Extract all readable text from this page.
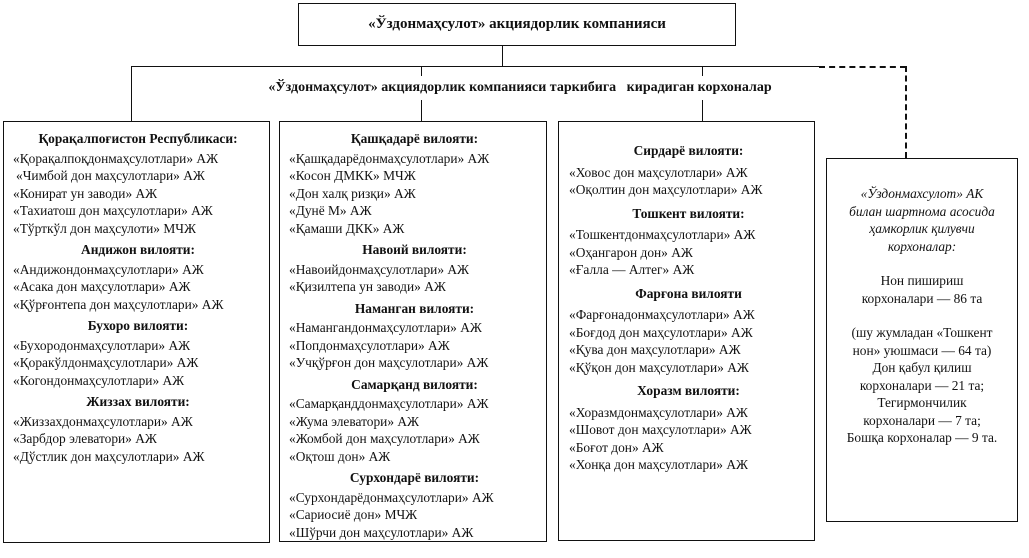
«Ўздонмаҳсулот» акциядорлик компанияси
«Ўздонмаҳсулот» акциядорлик компанияси таркибига   кирадиган корхоналар
Қорақалпоғистон Республикаси:
«Қорақалпоқдонмаҳсулотлари» АЖ
«Чимбой дон маҳсулотлари» АЖ
«Конират ун заводи» АЖ
«Тахиатош дон маҳсулотлари» АЖ
«Тўрткўл дон маҳсулоти» МЧЖ
Андижон вилояти:
«Андижондонмаҳсулотлари» АЖ
«Асака дон маҳсулотлари» АЖ
«Қўрғонтепа дон маҳсулотлари» АЖ
Бухоро вилояти:
«Бухородонмаҳсулотлари» АЖ
«Қоракўлдонмаҳсулотлари» АЖ
«Когондонмаҳсулотлари» АЖ
Жиззах вилояти:
«Жиззахдонмаҳсулотлари» АЖ
«Зарбдор элеватори» АЖ
«Дўстлик дон маҳсулотлари» АЖ
Қашқадарё вилояти:
«Қашқадарёдонмаҳсулотлари» АЖ
«Косон ДМКК» МЧЖ
«Дон халқ ризқи» АЖ
«Дунё М» АЖ
«Қамаши ДКК» АЖ
Навоий вилояти:
«Навоийдонмаҳсулотлари» АЖ
«Қизилтепа ун заводи» АЖ
Наманган вилояти:
«Намангандонмаҳсулотлари» АЖ
«Попдонмаҳсулотлари» АЖ
«Учқўрғон дон маҳсулотлари» АЖ
Самарқанд вилояти:
«Самарқанддонмаҳсулотлари» АЖ
«Жума элеватори» АЖ
«Жомбой дон маҳсулотлари» АЖ
«Оқтош дон» АЖ
Сурхондарё вилояти:
«Сурхондарёдонмаҳсулотлари» АЖ
«Сариосиё дон» МЧЖ
«Шўрчи дон маҳсулотлари» АЖ
Сирдарё вилояти:
«Ховос дон маҳсулотлари» АЖ
«Оқолтин дон маҳсулотлари» АЖ
Тошкент вилояти:
«Тошкентдонмаҳсулотлари» АЖ
«Оҳангарон дон» АЖ
«Ғалла — Алтег» АЖ
Фарғона вилояти
«Фарғонадонмаҳсулотлари» АЖ
«Боғдод дон маҳсулотлари» АЖ
«Қува дон маҳсулотлари» АЖ
«Қўқон дон маҳсулотлари» АЖ
Хоразм вилояти:
«Хоразмдонмаҳсулотлари» АЖ
«Шовот дон маҳсулотлари» АЖ
«Боғот дон» АЖ
«Хонқа дон маҳсулотлари» АЖ
«Ўздонмахсулот» АК
билан шартнома асосида
ҳамкорлик қилувчи
корхоналар:
Нон пишириш
корхоналари — 86 та
(шу жумладан «Тошкент
нон» уюшмаси — 64 та)
Дон қабул қилиш
корхоналари — 21 та;
Тегирмончилик
корхоналари — 7 та;
Бошқа корхоналар — 9 та.
